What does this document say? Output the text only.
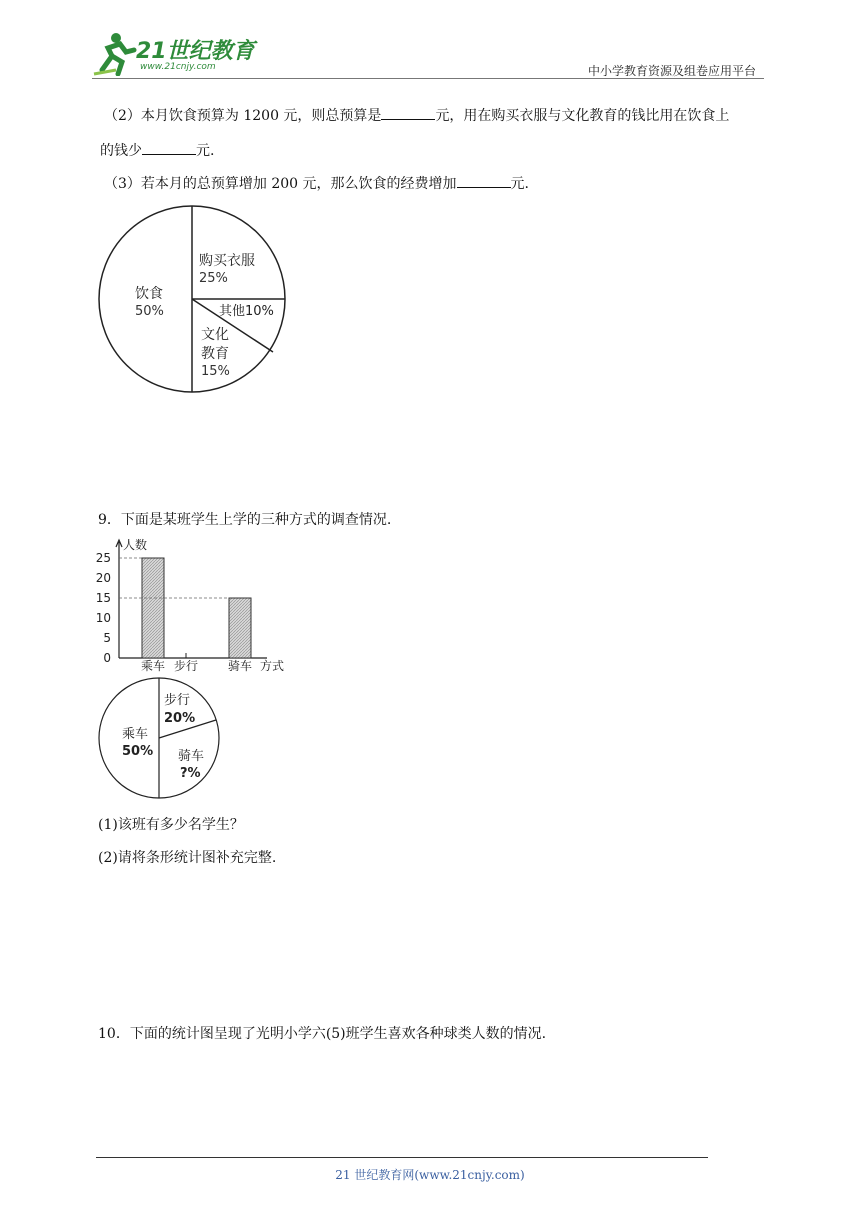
21世纪教育
www.21cnjy.com	中小学教育资源及组卷应用平台
（2）本月饮食预算为 1200 元，则总预算是	元，用在购买衣服与文化教育的钱比用在饮食上
的钱少	元.
（3）若本月的总预算增加 200 元，那么饮食的经费增加	元.
饮食
50%
购买衣服
25%
其他10%
文化
教育
15%
9．下面是某班学生上学的三种方式的调查情况.
人数
方式
0
5
10
15
20
25
乘车 步行 骑车
乘车
50%
步行
20%
骑车
?%
(1)该班有多少名学生？
(2)请将条形统计图补充完整.
10．下面的统计图呈现了光明小学六(5)班学生喜欢各种球类人数的情况.
21 世纪教育网(www.21cnjy.com)
